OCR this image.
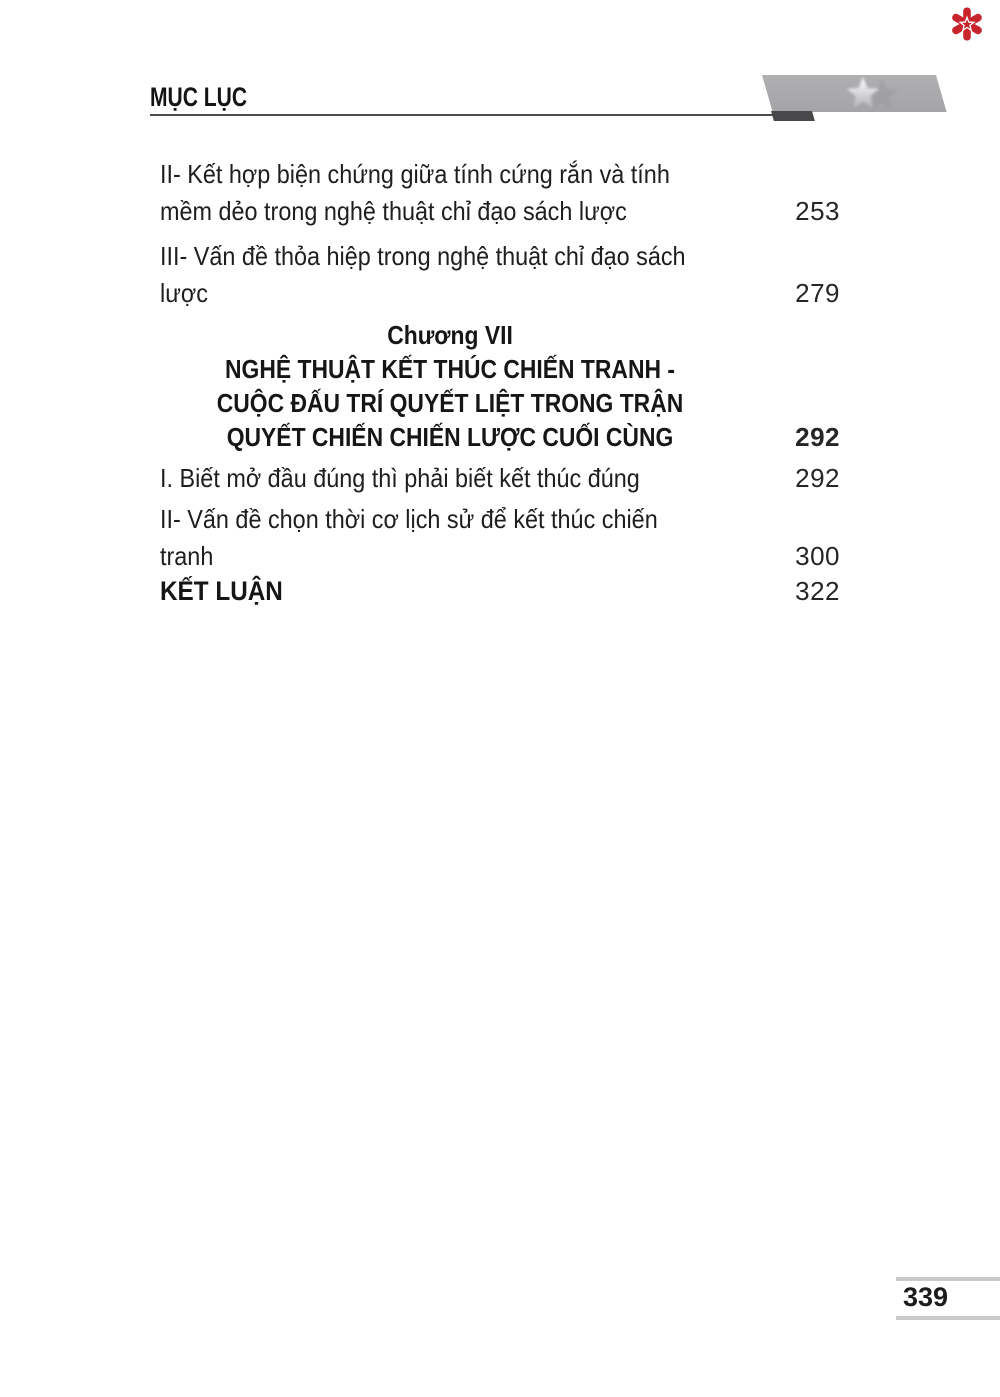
MỤC LỤC
II- Kết hợp biện chứng giữa tính cứng rắn và tính
mềm dẻo trong nghệ thuật chỉ đạo sách lược	253
III- Vấn đề thỏa hiệp trong nghệ thuật chỉ đạo sách
lược	279
Chương VII
NGHỆ THUẬT KẾT THÚC CHIẾN TRANH -
CUỘC ĐẤU TRÍ QUYẾT LIỆT TRONG TRẬN
QUYẾT CHIẾN CHIẾN LƯỢC CUỐI CÙNG	292
I. Biết mở đầu đúng thì phải biết kết thúc đúng	292
II- Vấn đề chọn thời cơ lịch sử để kết thúc chiến
tranh	300
KẾT LUẬN	322
339
